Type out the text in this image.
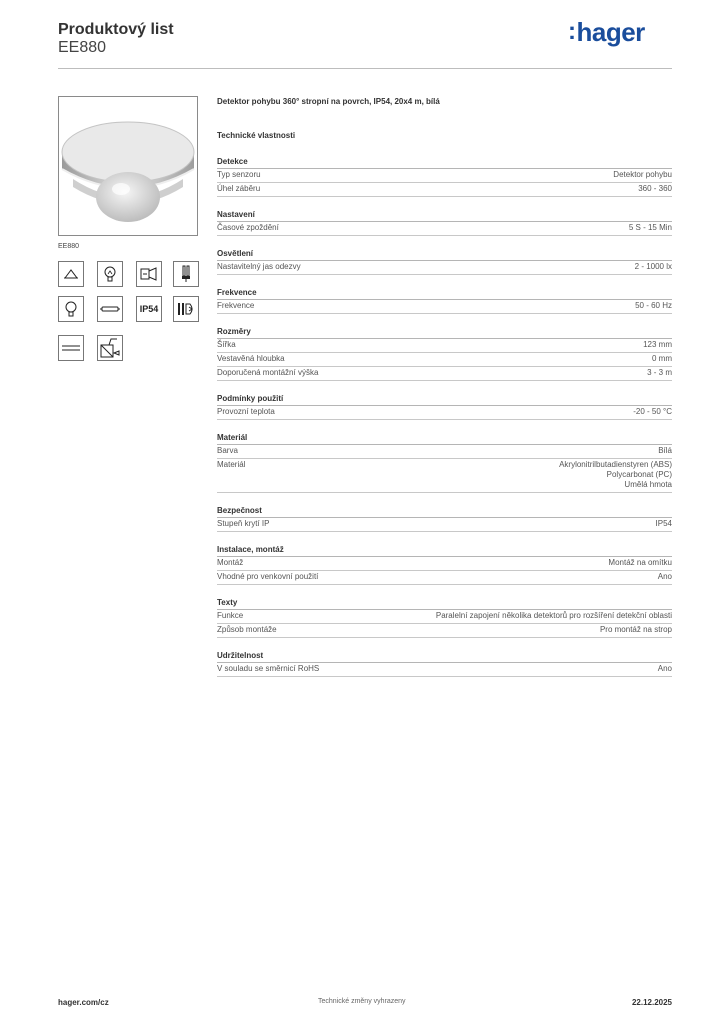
Produktový list
EE880
:hager
EE880
IP54
Detektor pohybu 360° stropní na povrch, IP54, 20x4 m, bílá
Technické vlastnosti
Detekce
Typ senzoru	Detektor pohybu
Úhel záběru	360 - 360
Nastavení
Časové zpoždění	5 S - 15 Min
Osvětlení
Nastavitelný jas odezvy	2 - 1000 lx
Frekvence
Frekvence	50 - 60 Hz
Rozměry
Šířka	123 mm
Vestavěná hloubka	0 mm
Doporučená montážní výška	3 - 3 m
Podmínky použití
Provozní teplota	-20 - 50 °C
Materiál
Barva	Bílá
Materiál	Akrylonitrilbutadienstyren (ABS)
Polycarbonat (PC)
Umělá hmota
Bezpečnost
Stupeň krytí IP	IP54
Instalace, montáž
Montáž	Montáž na omítku
Vhodné pro venkovní použití	Ano
Texty
Funkce	Paralelní zapojení několika detektorů pro rozšíření detekční oblasti
Způsob montáže	Pro montáž na strop
Udržitelnost
V souladu se směrnicí RoHS	Ano
hager.com/cz	Technické změny vyhrazeny	22.12.2025
